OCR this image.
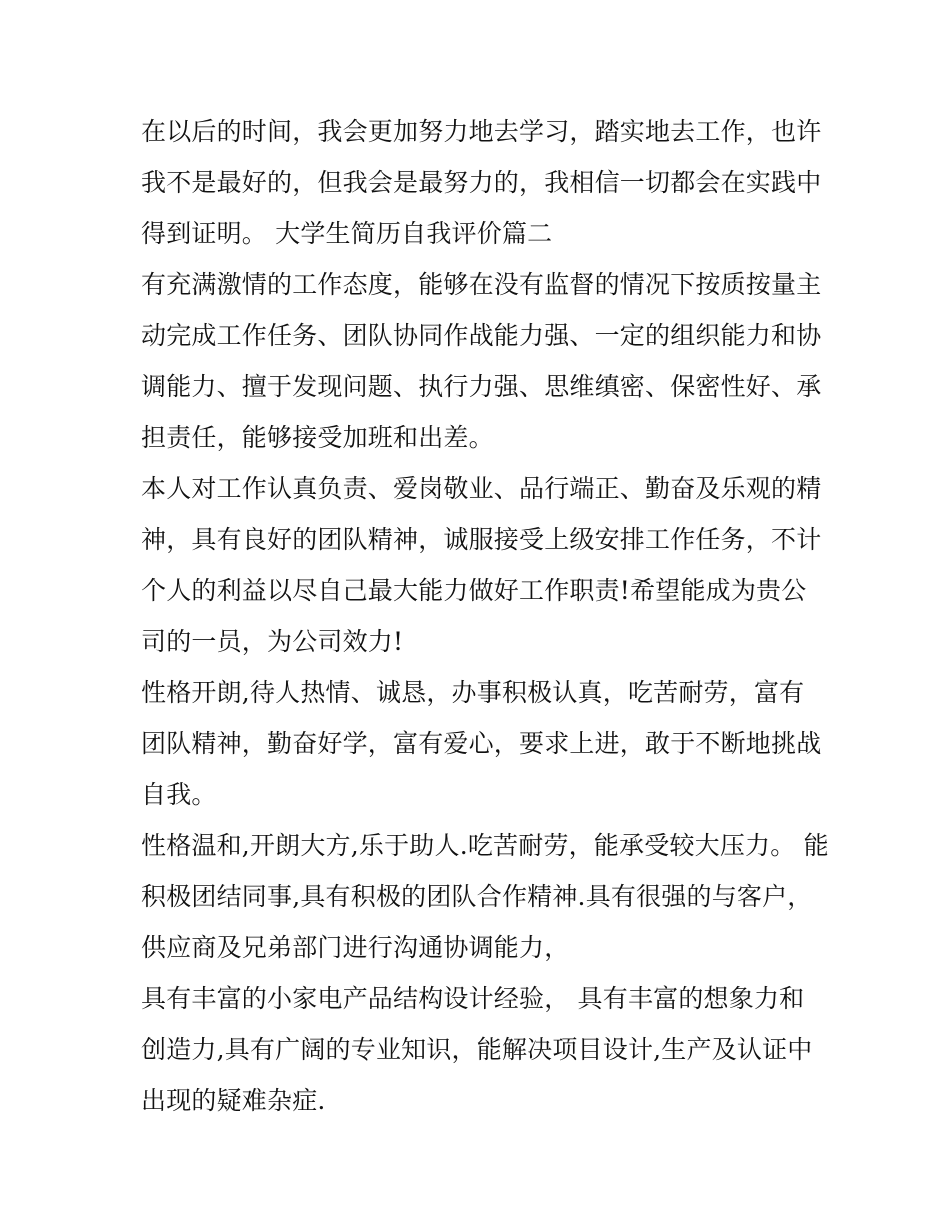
在以后的时间，我会更加努力地去学习，踏实地去工作，也许
我不是最好的，但我会是最努力的，我相信一切都会在实践中
得到证明。 大学生简历自我评价篇二
有充满激情的工作态度，能够在没有监督的情况下按质按量主
动完成工作任务、团队协同作战能力强、一定的组织能力和协
调能力、擅于发现问题、执行力强、思维缜密、保密性好、承
担责任，能够接受加班和出差。
本人对工作认真负责、爱岗敬业、品行端正、勤奋及乐观的精
神，具有良好的团队精神，诚服接受上级安排工作任务，不计
个人的利益以尽自己最大能力做好工作职责!希望能成为贵公
司的一员，为公司效力!
性格开朗,待人热情、诚恳，办事积极认真，吃苦耐劳，富有
团队精神，勤奋好学，富有爱心，要求上进，敢于不断地挑战
自我。
性格温和,开朗大方,乐于助人.吃苦耐劳，能承受较大压力。 能
积极团结同事,具有积极的团队合作精神.具有很强的与客户，
供应商及兄弟部门进行沟通协调能力，
具有丰富的小家电产品结构设计经验， 具有丰富的想象力和
创造力,具有广阔的专业知识，能解决项目设计,生产及认证中
出现的疑难杂症.
